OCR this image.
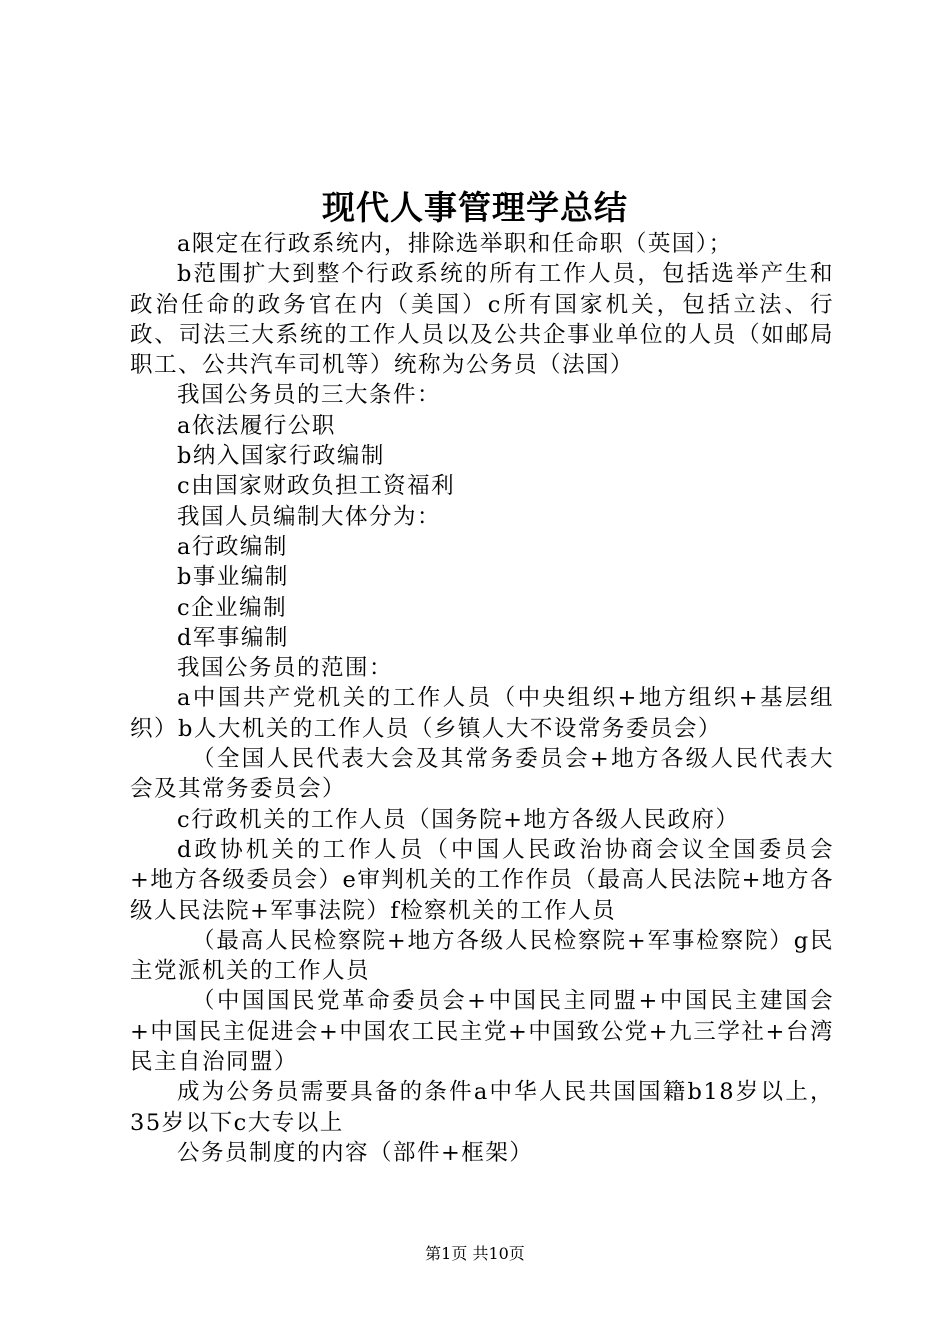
现代人事管理学总结

a限定在行政系统内，排除选举职和任命职（英国）；

b范围扩大到整个行政系统的所有工作人员，包括选举产生和政治任命的政务官在内（美国）c所有国家机关，包括立法、行政、司法三大系统的工作人员以及公共企事业单位的人员（如邮局职工、公共汽车司机等）统称为公务员（法国）

我国公务员的三大条件：

a依法履行公职

b纳入国家行政编制

c由国家财政负担工资福利

我国人员编制大体分为：

a行政编制

b事业编制

c企业编制

d军事编制

我国公务员的范围：

a中国共产党机关的工作人员（中央组织+地方组织+基层组织）b人大机关的工作人员（乡镇人大不设常务委员会）

（全国人民代表大会及其常务委员会+地方各级人民代表大会及其常务委员会）

c行政机关的工作人员（国务院+地方各级人民政府）

d政协机关的工作人员（中国人民政治协商会议全国委员会+地方各级委员会）e审判机关的工作作员（最高人民法院+地方各级人民法院+军事法院）f检察机关的工作人员

（最高人民检察院+地方各级人民检察院+军事检察院）g民主党派机关的工作人员

（中国国民党革命委员会+中国民主同盟+中国民主建国会+中国民主促进会+中国农工民主党+中国致公党+九三学社+台湾民主自治同盟）

成为公务员需要具备的条件a中华人民共国国籍b18岁以上，35岁以下c大专以上

公务员制度的内容（部件+框架）

第1页 共10页
